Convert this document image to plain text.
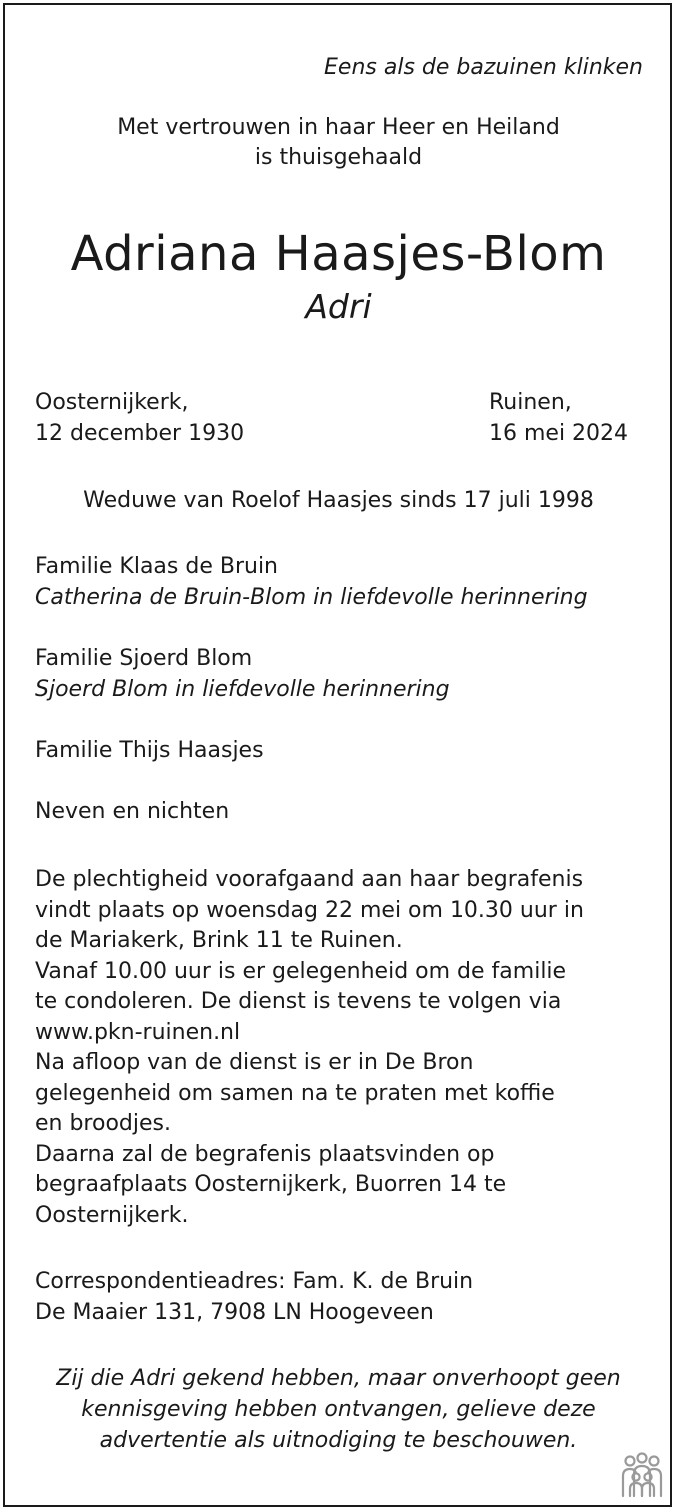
Eens als de bazuinen klinken
Met vertrouwen in haar Heer en Heiland
is thuisgehaald
Adriana Haasjes-Blom
Adri
Oosternijkerk,
12 december 1930
Ruinen,
16 mei 2024
Weduwe van Roelof Haasjes sinds 17 juli 1998
Familie Klaas de Bruin
Catherina de Bruin-Blom in liefdevolle herinnering
Familie Sjoerd Blom
Sjoerd Blom in liefdevolle herinnering
Familie Thijs Haasjes
Neven en nichten
De plechtigheid voorafgaand aan haar begrafenis
vindt plaats op woensdag 22 mei om 10.30 uur in
de Mariakerk, Brink 11 te Ruinen.
Vanaf 10.00 uur is er gelegenheid om de familie
te condoleren. De dienst is tevens te volgen via
www.pkn-ruinen.nl
Na afloop van de dienst is er in De Bron
gelegenheid om samen na te praten met koffie
en broodjes.
Daarna zal de begrafenis plaatsvinden op
begraafplaats Oosternijkerk, Buorren 14 te
Oosternijkerk.
Correspondentieadres: Fam. K. de Bruin
De Maaier 131, 7908 LN Hoogeveen
Zij die Adri gekend hebben, maar onverhoopt geen
kennisgeving hebben ontvangen, gelieve deze
advertentie als uitnodiging te beschouwen.
